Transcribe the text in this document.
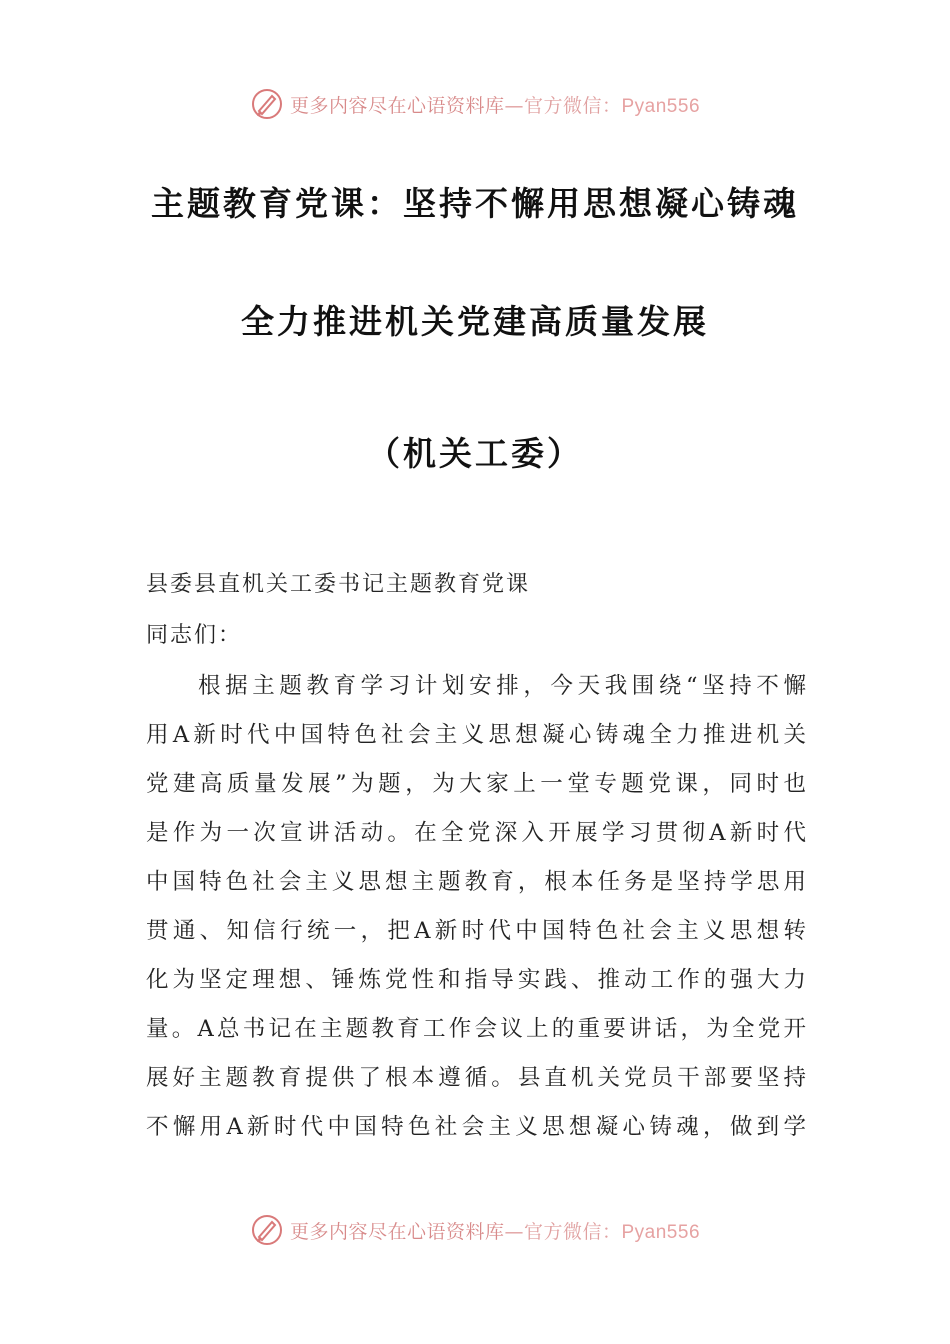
更多内容尽在心语资料库—官方微信：Pyan556
主题教育党课：坚持不懈用思想凝心铸魂
全力推进机关党建高质量发展
（机关工委）
县委县直机关工委书记主题教育党课
同志们：
根据主题教育学习计划安排，今天我围绕“坚持不懈
用A新时代中国特色社会主义思想凝心铸魂全力推进机关
党建高质量发展”为题，为大家上一堂专题党课，同时也
是作为一次宣讲活动。在全党深入开展学习贯彻A新时代
中国特色社会主义思想主题教育，根本任务是坚持学思用
贯通、知信行统一，把A新时代中国特色社会主义思想转
化为坚定理想、锤炼党性和指导实践、推动工作的强大力
量。A总书记在主题教育工作会议上的重要讲话，为全党开
展好主题教育提供了根本遵循。县直机关党员干部要坚持
不懈用A新时代中国特色社会主义思想凝心铸魂，做到学
更多内容尽在心语资料库—官方微信：Pyan556
